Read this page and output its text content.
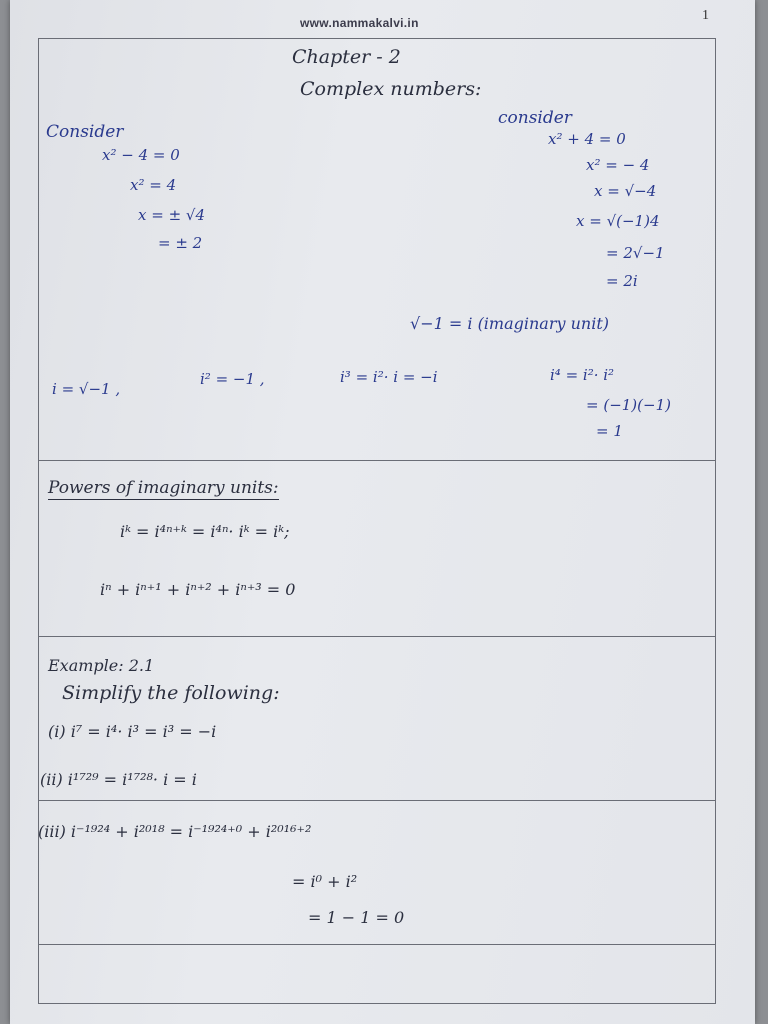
www.nammakalvi.in	1
Chapter - 2
Complex numbers:
Consider
x² − 4 = 0
x² = 4
x = ± √4
= ± 2
consider
x² + 4 = 0
x² = − 4
x = √−4
x = √(−1)4
= 2√−1
= 2i
√−1 = i (imaginary unit)
i = √−1 ,
i² = −1 ,	i³ = i²· i = −i	i⁴ = i²· i²
= (−1)(−1)
= 1
Powers of imaginary units:
iᵏ = i⁴ⁿ⁺ᵏ = i⁴ⁿ· iᵏ = iᵏ;
iⁿ + iⁿ⁺¹ + iⁿ⁺² + iⁿ⁺³ = 0
Example: 2.1
Simplify the following:
(i) i⁷ = i⁴· i³ = i³ = −i
(ii) i¹⁷²⁹ = i¹⁷²⁸· i = i
(iii) i⁻¹⁹²⁴ + i²⁰¹⁸ = i⁻¹⁹²⁴⁺⁰ + i²⁰¹⁶⁺²
= i⁰ + i²
= 1 − 1 = 0
